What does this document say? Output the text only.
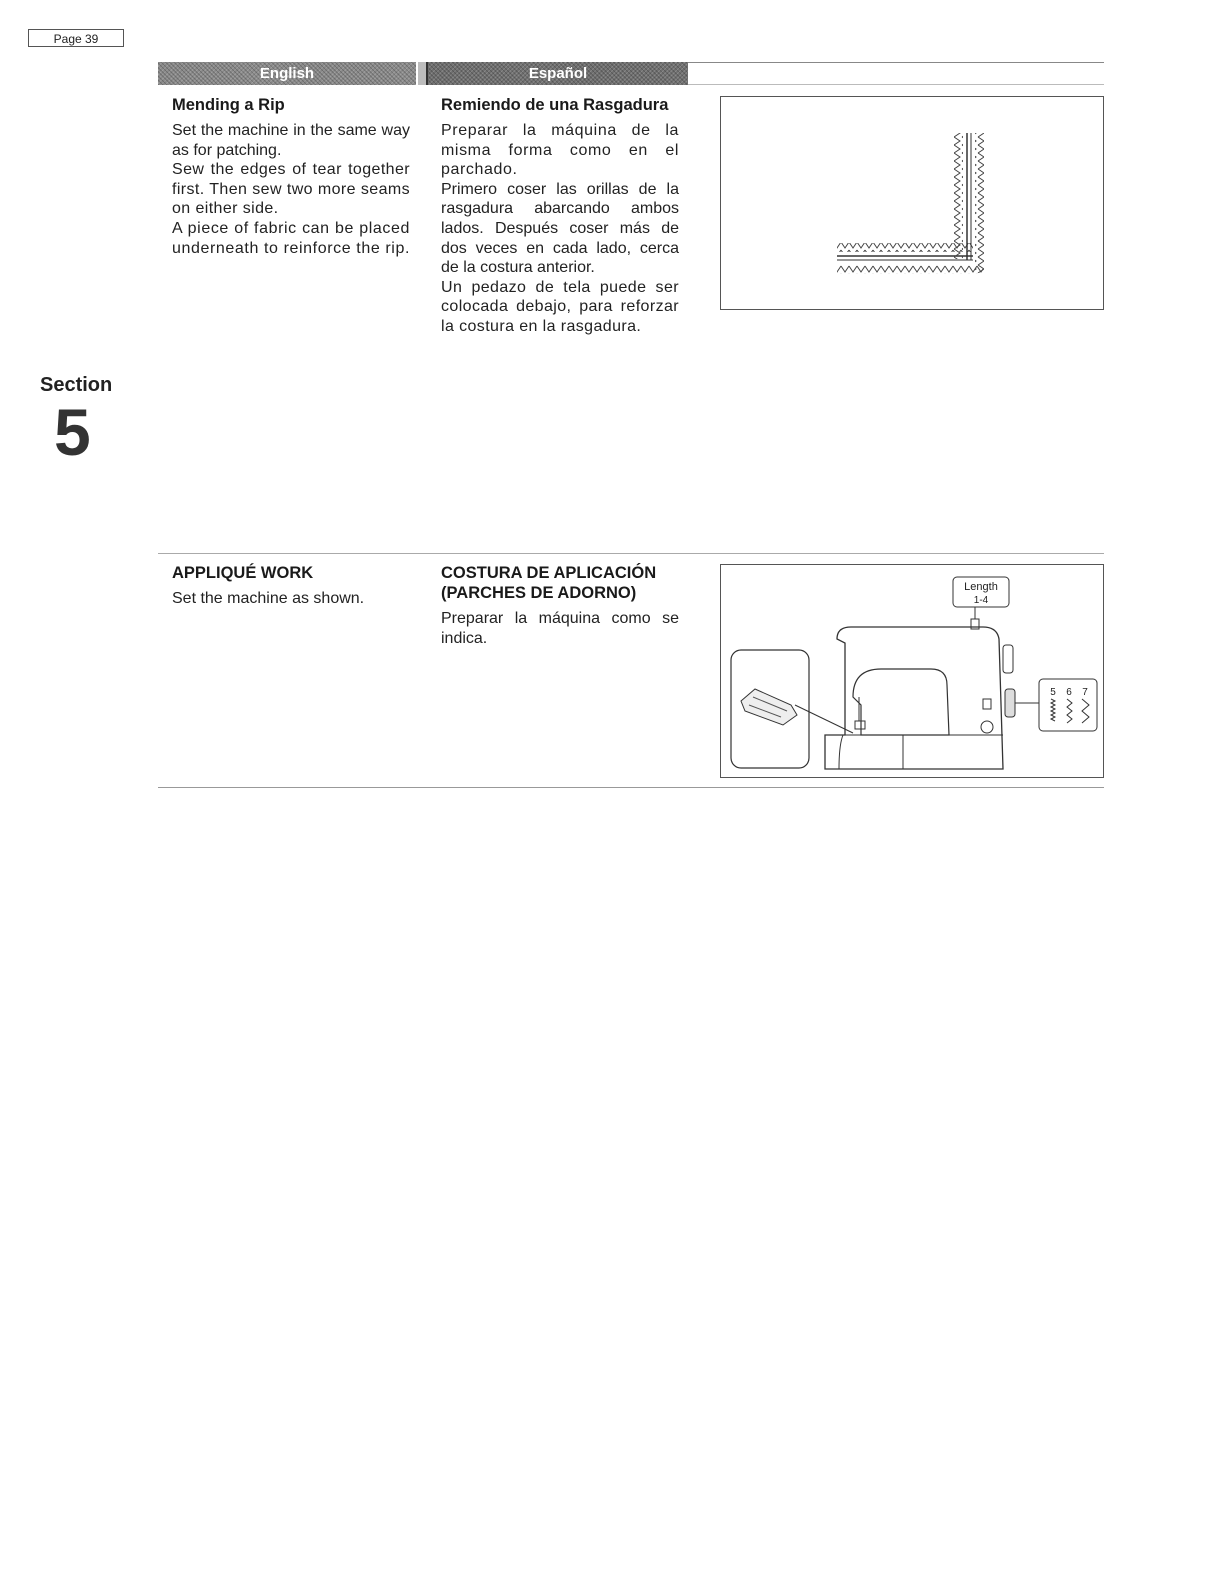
Page 39
English	Español
Mending a Rip

Set the machine in the same way as for patching.

Sew the edges of tear together first. Then sew two more seams on either side.

A piece of fabric can be placed underneath to reinforce the rip.

Remiendo de una Rasgadura

Preparar la máquina de la misma forma como en el parchado.

Primero coser las orillas de la rasgadura abarcando ambos lados. Después coser más de dos veces en cada lado, cerca de la costura anterior.

Un pedazo de tela puede ser colocada debajo, para reforzar la costura en la rasgadura.

Section
5
APPLIQUÉ WORK

Set the machine as shown.

COSTURA DE APLICACIÓN (PARCHES DE ADORNO)

Preparar la máquina como se indica.

Length
1-4
5 6 7
